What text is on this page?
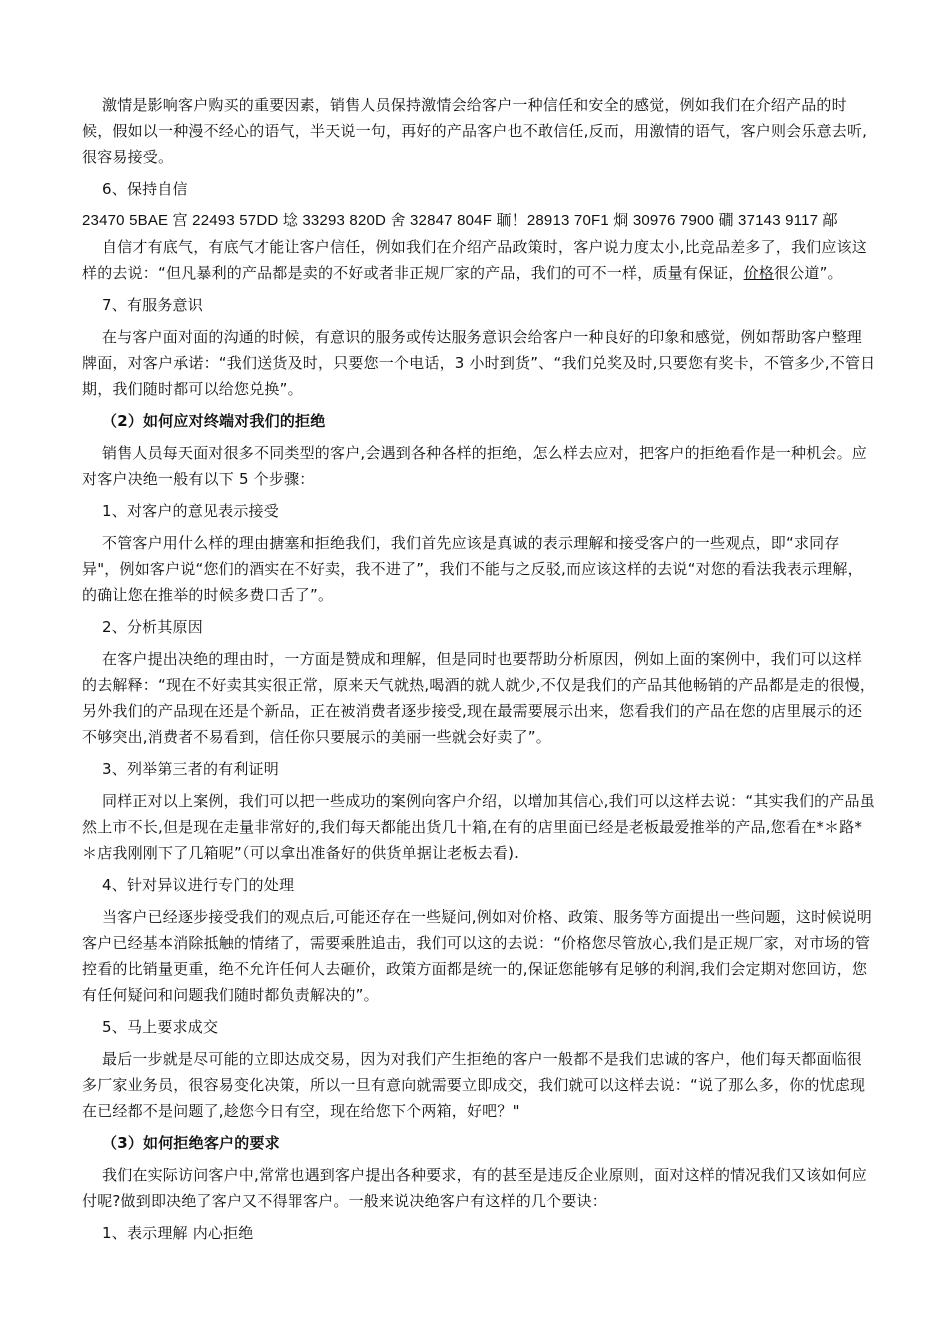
激情是影响客户购买的重要因素，销售人员保持激情会给客户一种信任和安全的感觉，例如我们在介绍产品的时候，假如以一种漫不经心的语气，半天说一句，再好的产品客户也不敢信任,反而，用激情的语气，客户则会乐意去听,很容易接受。

6、保持自信

23470 5BAE 宫 22493 57DD 埝 33293 820D 舍 32847 804F 聏！28913 70F1 烱 30976 7900 礀 37143 9117 鄗

自信才有底气，有底气才能让客户信任，例如我们在介绍产品政策时，客户说力度太小,比竞品差多了，我们应该这样的去说：“但凡暴利的产品都是卖的不好或者非正规厂家的产品，我们的可不一样，质量有保证，价格很公道”。

7、有服务意识

在与客户面对面的沟通的时候，有意识的服务或传达服务意识会给客户一种良好的印象和感觉，例如帮助客户整理牌面，对客户承诺：“我们送货及时，只要您一个电话，3 小时到货”、“我们兑奖及时,只要您有奖卡，不管多少,不管日期，我们随时都可以给您兑换”。

（2）如何应对终端对我们的拒绝

销售人员每天面对很多不同类型的客户,会遇到各种各样的拒绝，怎么样去应对，把客户的拒绝看作是一种机会。应对客户决绝一般有以下 5 个步骤：

1、对客户的意见表示接受

不管客户用什么样的理由搪塞和拒绝我们，我们首先应该是真诚的表示理解和接受客户的一些观点，即“求同存异"，例如客户说“您们的酒实在不好卖，我不进了”，我们不能与之反驳,而应该这样的去说“对您的看法我表示理解，的确让您在推举的时候多费口舌了”。

2、分析其原因

在客户提出决绝的理由时，一方面是赞成和理解，但是同时也要帮助分析原因，例如上面的案例中，我们可以这样的去解释：“现在不好卖其实很正常，原来天气就热,喝酒的就人就少,不仅是我们的产品其他畅销的产品都是走的很慢，另外我们的产品现在还是个新品，正在被消费者逐步接受,现在最需要展示出来，您看我们的产品在您的店里展示的还不够突出,消费者不易看到，信任你只要展示的美丽一些就会好卖了”。

3、列举第三者的有利证明

同样正对以上案例，我们可以把一些成功的案例向客户介绍，以增加其信心,我们可以这样去说：“其实我们的产品虽然上市不长,但是现在走量非常好的,我们每天都能出货几十箱,在有的店里面已经是老板最爱推举的产品,您看在*＊路*＊店我刚刚下了几箱呢”（可以拿出准备好的供货单据让老板去看).

4、针对异议进行专门的处理

当客户已经逐步接受我们的观点后,可能还存在一些疑问,例如对价格、政策、服务等方面提出一些问题，这时候说明客户已经基本消除抵触的情绪了，需要乘胜追击，我们可以这的去说：“价格您尽管放心,我们是正规厂家，对市场的管控看的比销量更重，绝不允许任何人去砸价，政策方面都是统一的,保证您能够有足够的利润,我们会定期对您回访，您有任何疑问和问题我们随时都负责解决的”。

5、马上要求成交

最后一步就是尽可能的立即达成交易，因为对我们产生拒绝的客户一般都不是我们忠诚的客户，他们每天都面临很多厂家业务员，很容易变化决策，所以一旦有意向就需要立即成交，我们就可以这样去说：“说了那么多，你的忧虑现在已经都不是问题了,趁您今日有空，现在给您下个两箱，好吧？"

（3）如何拒绝客户的要求

我们在实际访问客户中,常常也遇到客户提出各种要求，有的甚至是违反企业原则，面对这样的情况我们又该如何应付呢?做到即决绝了客户又不得罪客户。一般来说决绝客户有这样的几个要诀：

1、表示理解 内心拒绝
